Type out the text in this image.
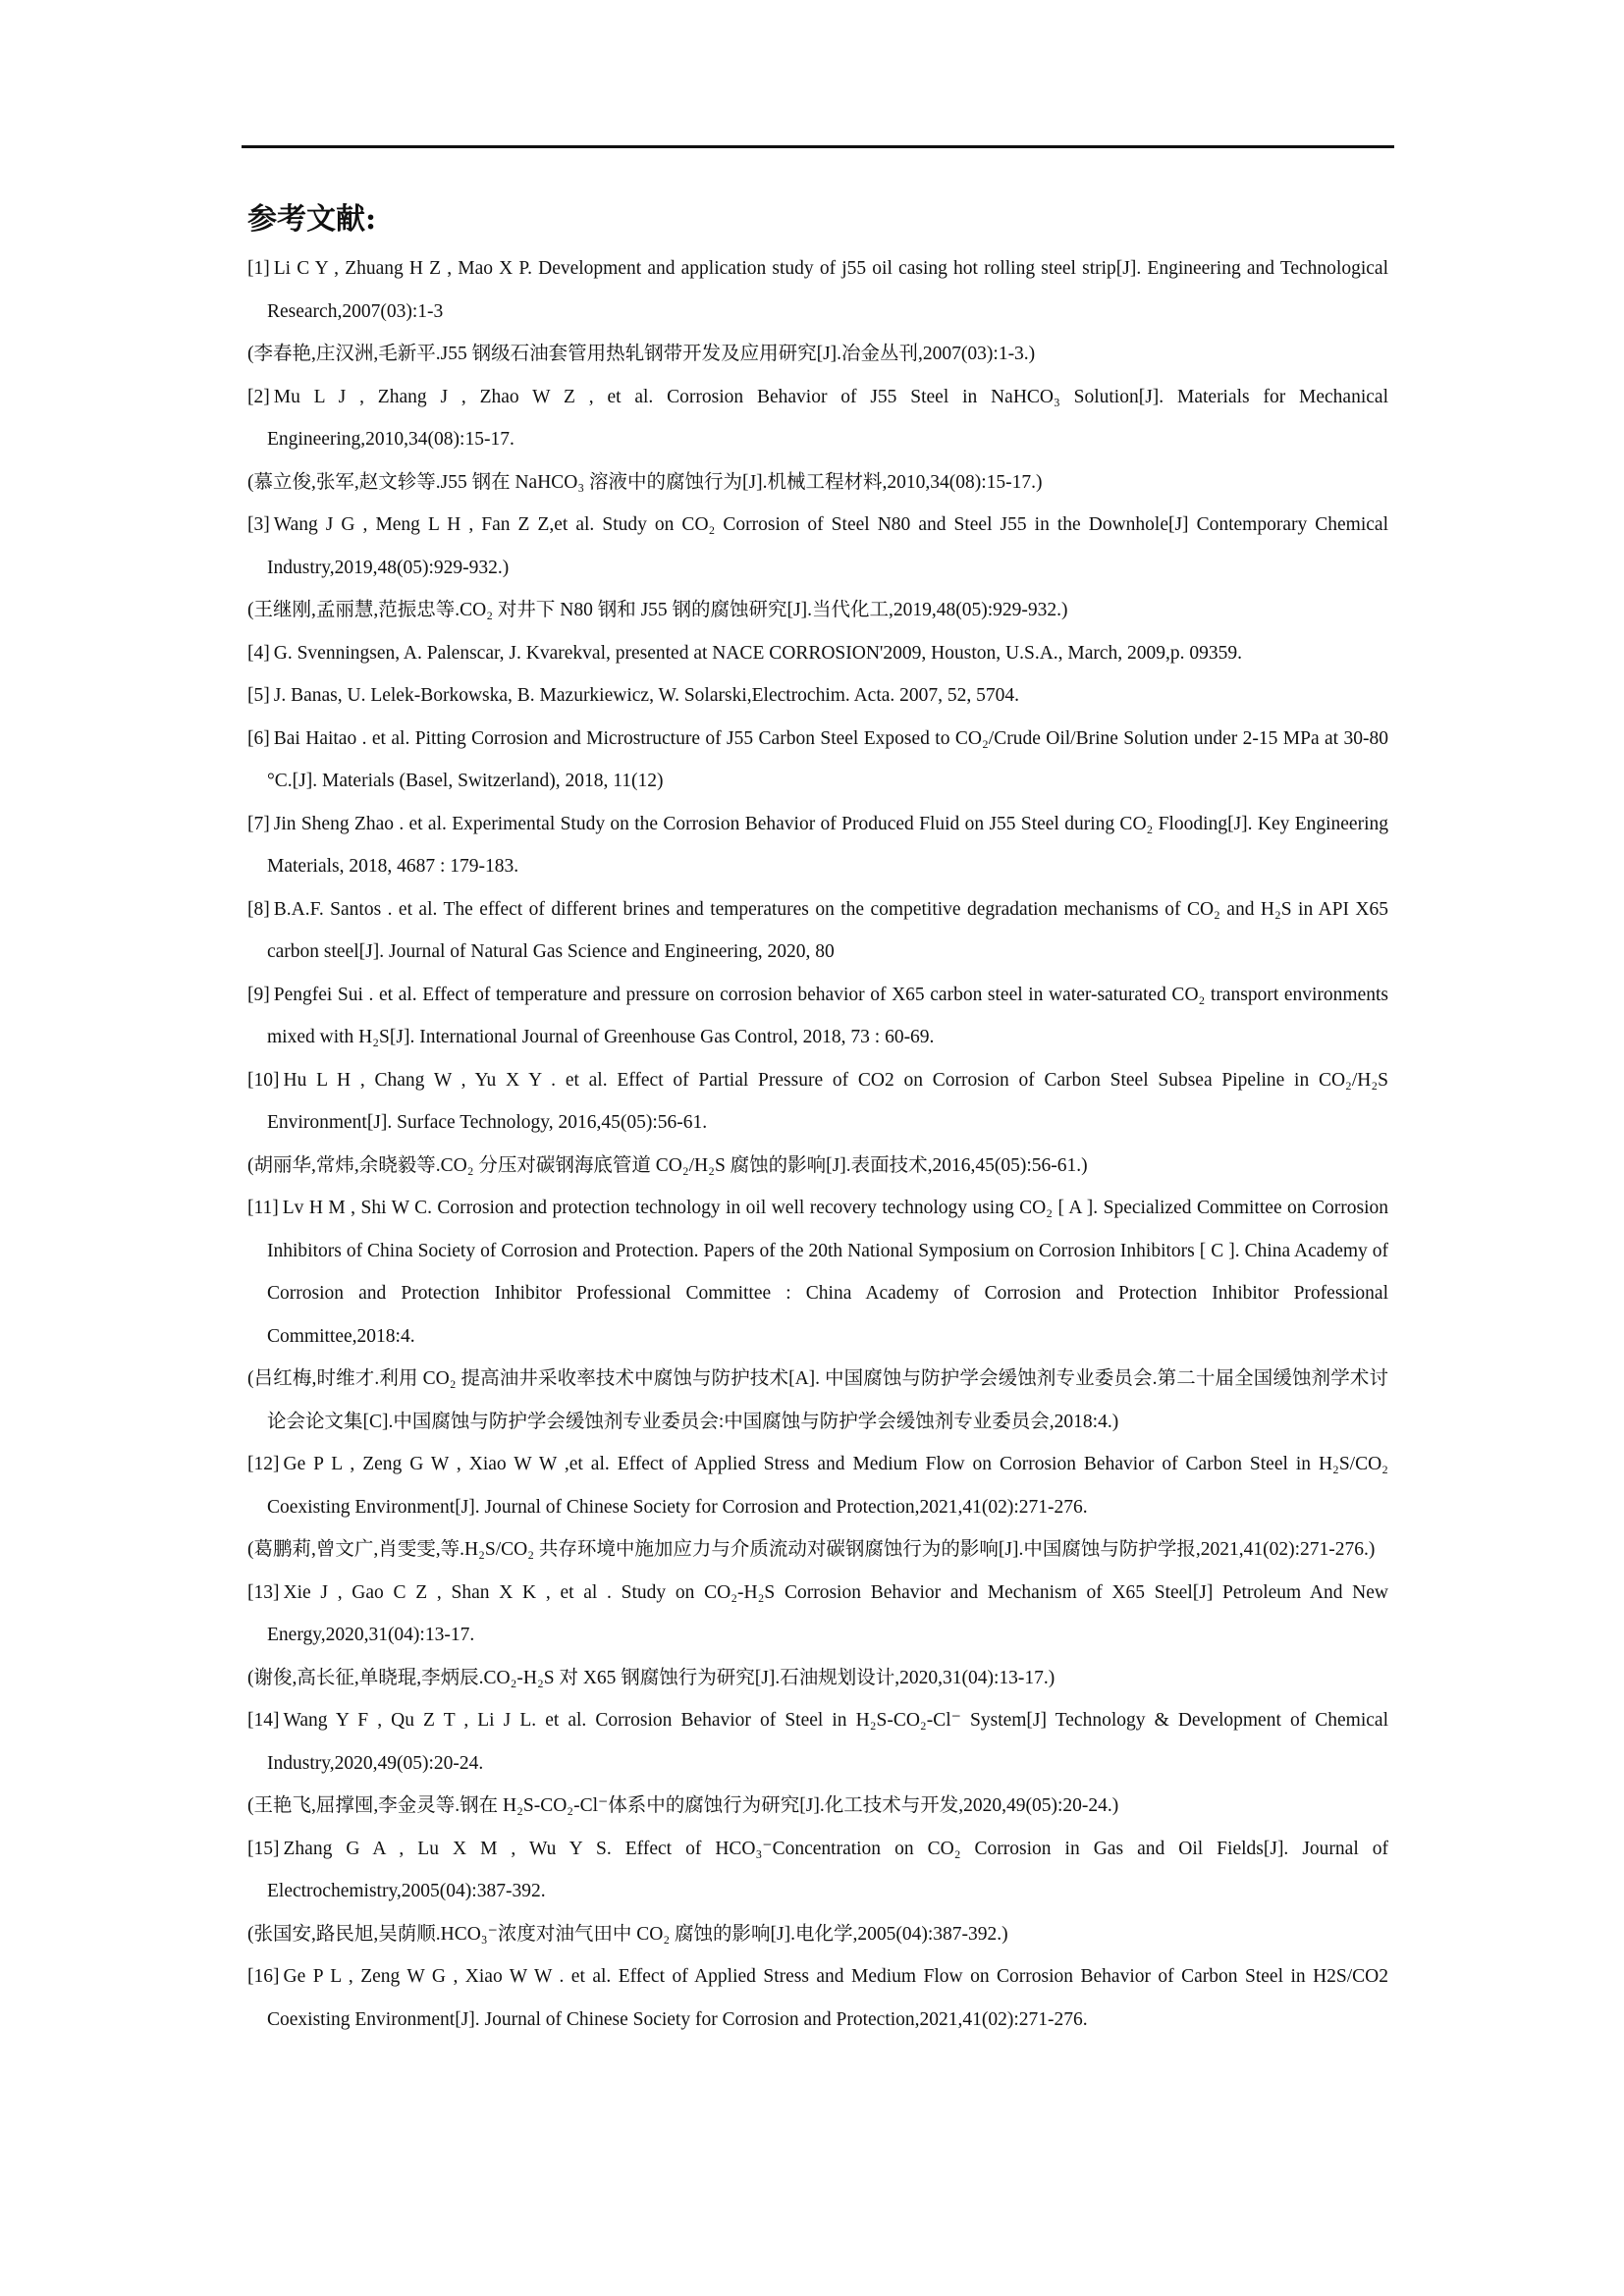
参考文献:

[1] Li C Y , Zhuang H Z , Mao X P. Development and application study of j55 oil casing hot rolling steel strip[J]. Engineering and Technological Research,2007(03):1-3

(李春艳,庄汉洲,毛新平.J55 钢级石油套管用热轧钢带开发及应用研究[J].冶金丛刊,2007(03):1-3.)

[2] Mu L J , Zhang J , Zhao W Z , et al. Corrosion Behavior of J55 Steel in NaHCO₃ Solution[J]. Materials for Mechanical Engineering,2010,34(08):15-17.

(慕立俊,张军,赵文轸等.J55 钢在 NaHCO₃ 溶液中的腐蚀行为[J].机械工程材料,2010,34(08):15-17.)

[3] Wang J G , Meng L H , Fan Z Z,et al. Study on CO₂ Corrosion of Steel N80 and Steel J55 in the Downhole[J] Contemporary Chemical Industry,2019,48(05):929-932.)

(王继刚,孟丽慧,范振忠等.CO₂ 对井下 N80 钢和 J55 钢的腐蚀研究[J].当代化工,2019,48(05):929-932.)

[4] G. Svenningsen, A. Palenscar, J. Kvarekval, presented at NACE CORROSION'2009, Houston, U.S.A., March, 2009,p. 09359.

[5] J. Banas, U. Lelek-Borkowska, B. Mazurkiewicz, W. Solarski,Electrochim. Acta. 2007, 52, 5704.

[6] Bai Haitao . et al. Pitting Corrosion and Microstructure of J55 Carbon Steel Exposed to CO₂/Crude Oil/Brine Solution under 2-15 MPa at 30-80 °C.[J]. Materials (Basel, Switzerland), 2018, 11(12)

[7] Jin Sheng Zhao . et al. Experimental Study on the Corrosion Behavior of Produced Fluid on J55 Steel during CO₂ Flooding[J]. Key Engineering Materials, 2018, 4687 : 179-183.

[8] B.A.F. Santos . et al. The effect of different brines and temperatures on the competitive degradation mechanisms of CO₂ and H₂S in API X65 carbon steel[J]. Journal of Natural Gas Science and Engineering, 2020, 80

[9] Pengfei Sui . et al. Effect of temperature and pressure on corrosion behavior of X65 carbon steel in water-saturated CO₂ transport environments mixed with H₂S[J]. International Journal of Greenhouse Gas Control, 2018, 73 : 60-69.

[10] Hu L H , Chang W , Yu X Y . et al. Effect of Partial Pressure of CO2 on Corrosion of Carbon Steel Subsea Pipeline in CO₂/H₂S Environment[J]. Surface Technology, 2016,45(05):56-61.

(胡丽华,常炜,余晓毅等.CO₂ 分压对碳钢海底管道 CO₂/H₂S 腐蚀的影响[J].表面技术,2016,45(05):56-61.)

[11] Lv H M , Shi W C. Corrosion and protection technology in oil well recovery technology using CO₂ [ A ]. Specialized Committee on Corrosion Inhibitors of China Society of Corrosion and Protection. Papers of the 20th National Symposium on Corrosion Inhibitors [ C ]. China Academy of Corrosion and Protection Inhibitor Professional Committee : China Academy of Corrosion and Protection Inhibitor Professional Committee,2018:4.

(吕红梅,时维才.利用 CO₂ 提高油井采收率技术中腐蚀与防护技术[A]. 中国腐蚀与防护学会缓蚀剂专业委员会.第二十届全国缓蚀剂学术讨论会论文集[C].中国腐蚀与防护学会缓蚀剂专业委员会:中国腐蚀与防护学会缓蚀剂专业委员会,2018:4.)

[12] Ge P L , Zeng G W , Xiao W W ,et al. Effect of Applied Stress and Medium Flow on Corrosion Behavior of Carbon Steel in H₂S/CO₂ Coexisting Environment[J]. Journal of Chinese Society for Corrosion and Protection,2021,41(02):271-276.

(葛鹏莉,曾文广,肖雯雯,等.H₂S/CO₂ 共存环境中施加应力与介质流动对碳钢腐蚀行为的影响[J].中国腐蚀与防护学报,2021,41(02):271-276.)

[13] Xie J , Gao C Z , Shan X K , et al . Study on CO₂-H₂S Corrosion Behavior and Mechanism of X65 Steel[J] Petroleum And New Energy,2020,31(04):13-17.

(谢俊,高长征,单晓琨,李炳辰.CO₂-H₂S 对 X65 钢腐蚀行为研究[J].石油规划设计,2020,31(04):13-17.)

[14] Wang Y F , Qu Z T , Li J L. et al. Corrosion Behavior of Steel in H₂S-CO₂-Cl⁻ System[J] Technology & Development of Chemical Industry,2020,49(05):20-24.

(王艳飞,屈撑囤,李金灵等.钢在 H₂S-CO₂-Cl⁻体系中的腐蚀行为研究[J].化工技术与开发,2020,49(05):20-24.)

[15] Zhang G A , Lu X M , Wu Y S. Effect of HCO₃⁻Concentration on CO₂ Corrosion in Gas and Oil Fields[J]. Journal of Electrochemistry,2005(04):387-392.

(张国安,路民旭,吴荫顺.HCO₃⁻浓度对油气田中 CO₂ 腐蚀的影响[J].电化学,2005(04):387-392.)

[16] Ge P L , Zeng W G , Xiao W W . et al. Effect of Applied Stress and Medium Flow on Corrosion Behavior of Carbon Steel in H2S/CO2 Coexisting Environment[J]. Journal of Chinese Society for Corrosion and Protection,2021,41(02):271-276.
